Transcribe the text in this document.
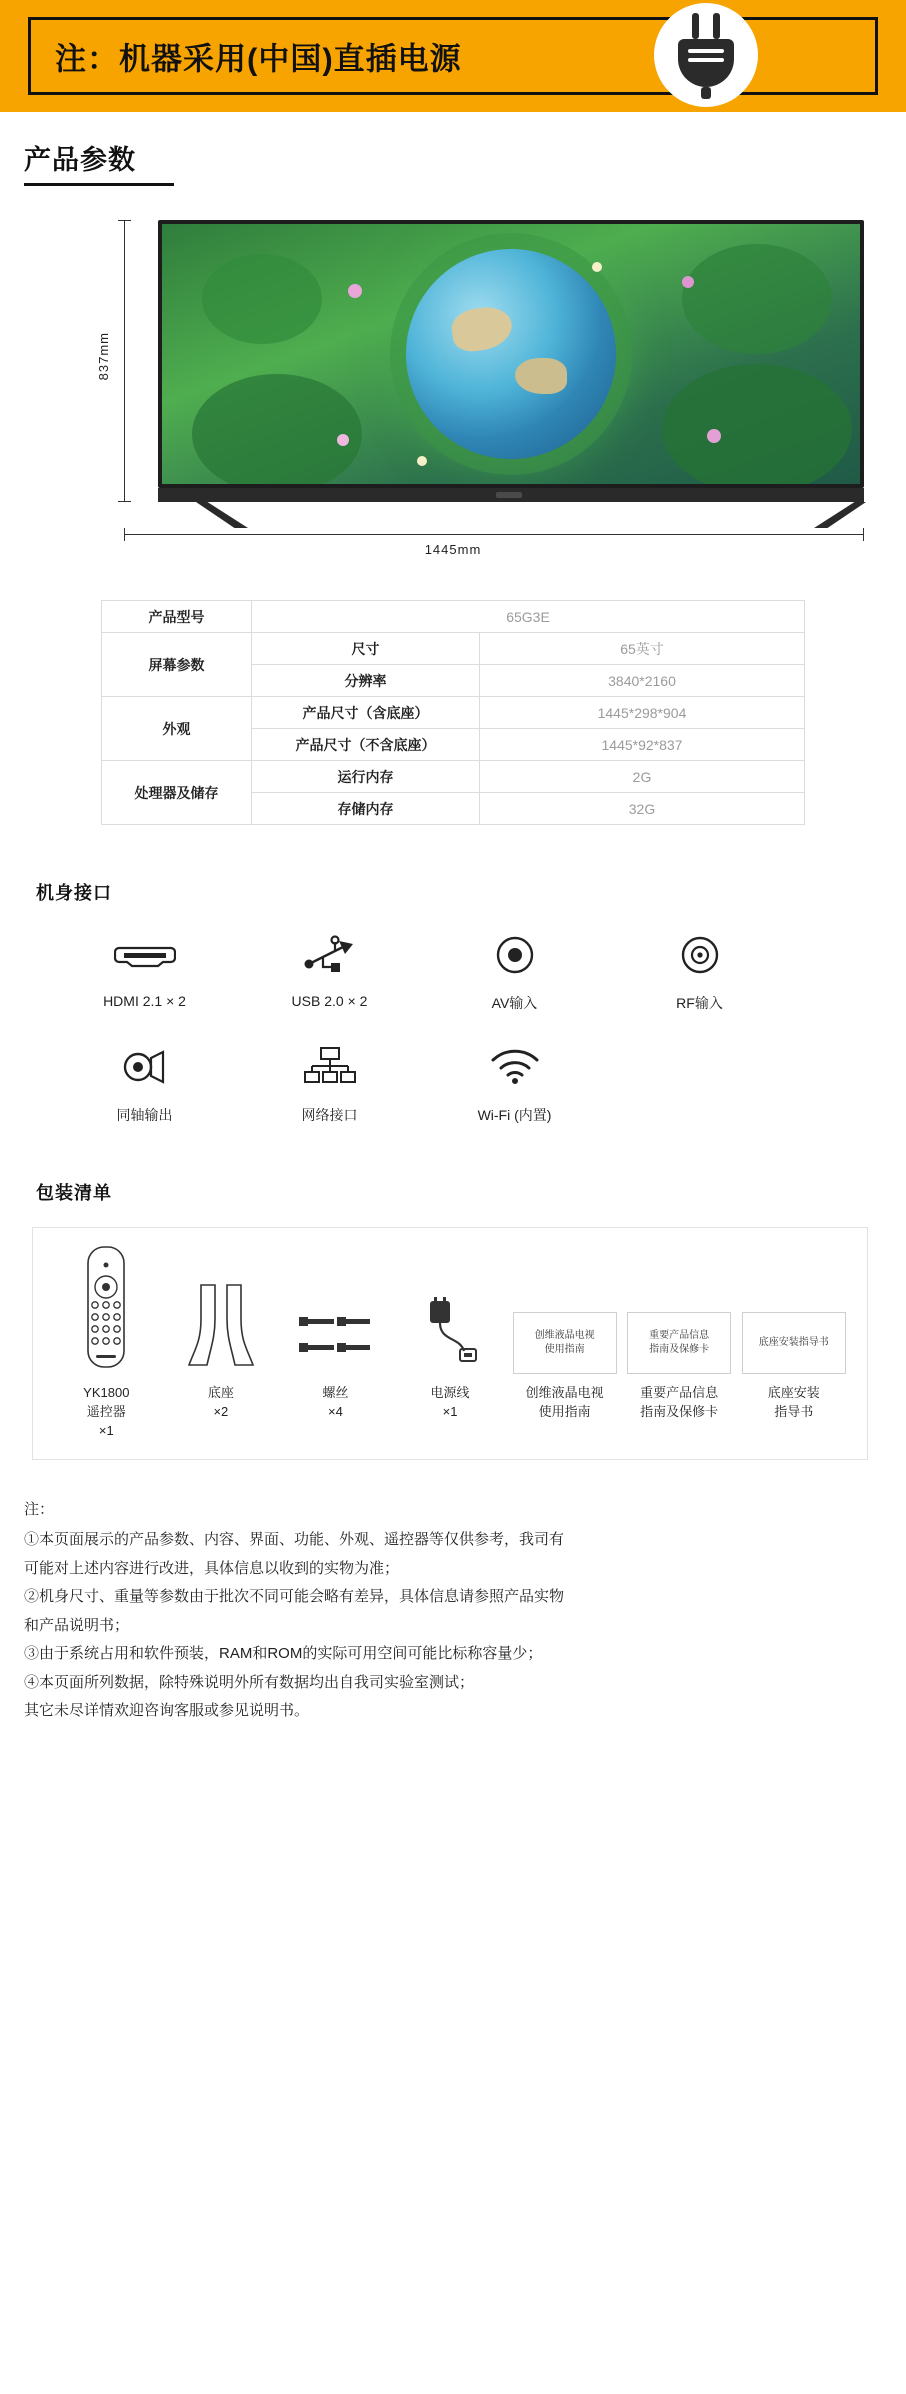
注：机器采用(中国)直插电源
产品参数
837mm
1445mm
产品型号	65G3E	
屏幕参数	尺寸	65英寸
	分辨率	3840*2160
外观	产品尺寸（含底座）	1445*298*904
	产品尺寸（不含底座）	1445*92*837
处理器及储存	运行内存	2G
	存储内存	32G
机身接口
HDMI 2.1 × 2	USB 2.0 × 2	AV输入	RF输入
同轴输出	网络接口	Wi-Fi (内置)
包装清单
创维液晶电视
使用指南
重要产品信息
指南及保修卡
底座安装指导书
YK1800
遥控器
×1
底座
×2
螺丝
×4
电源线
×1
创维液晶电视
使用指南
重要产品信息
指南及保修卡
底座安装
指导书

注：

①本页面展示的产品参数、内容、界面、功能、外观、遥控器等仅供参考，我司有

可能对上述内容进行改进，具体信息以收到的实物为准；

②机身尺寸、重量等参数由于批次不同可能会略有差异，具体信息请参照产品实物

和产品说明书；

③由于系统占用和软件预装，RAM和ROM的实际可用空间可能比标称容量少；

④本页面所列数据，除特殊说明外所有数据均出自我司实验室测试；

其它未尽详情欢迎咨询客服或参见说明书。
